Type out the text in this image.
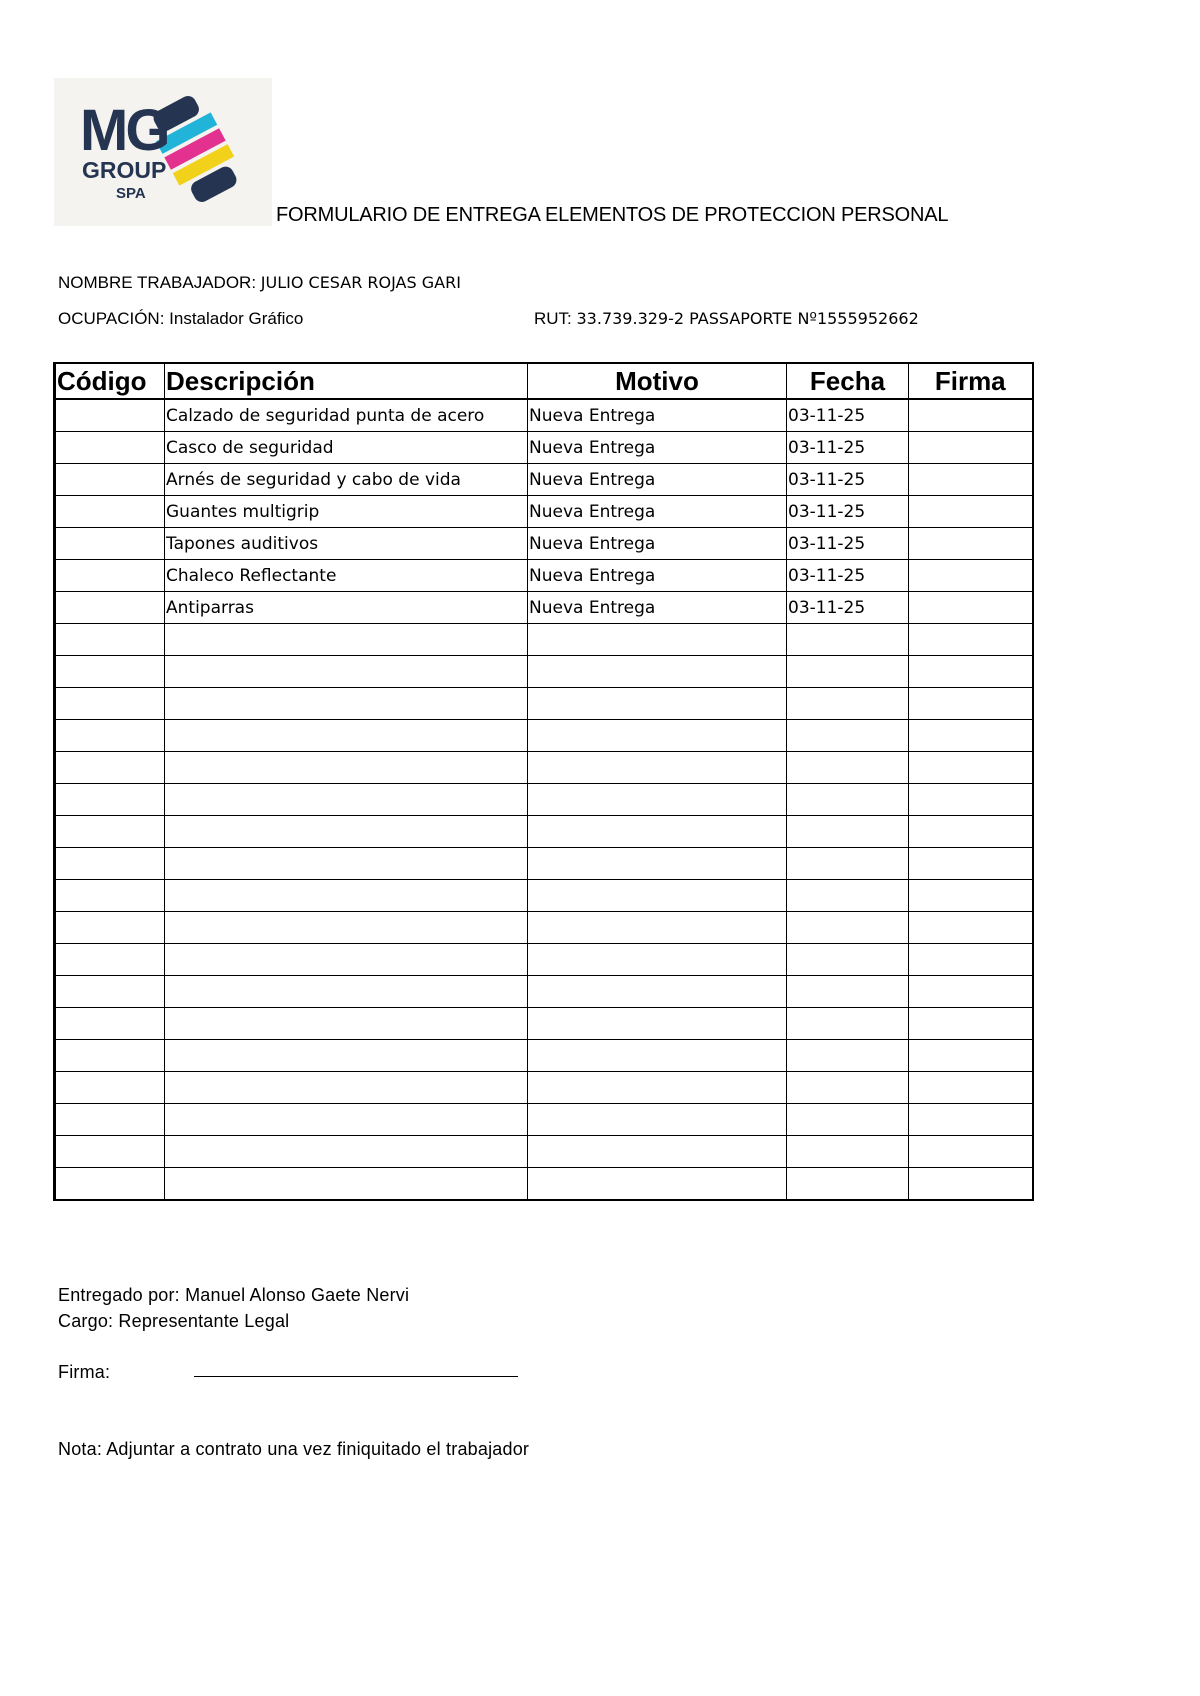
MG
GROUP
SPA
FORMULARIO DE ENTREGA ELEMENTOS DE PROTECCION PERSONAL
NOMBRE TRABAJADOR: JULIO CESAR ROJAS GARI
OCUPACIÓN: Instalador Gráfico	RUT: 33.739.329-2 PASSAPORTE Nº1555952662
Código	Descripción	Motivo	Fecha	Firma
	Calzado de seguridad punta de acero	Nueva Entrega	03-11-25	
	Casco de seguridad	Nueva Entrega	03-11-25	
	Arnés de seguridad y cabo de vida	Nueva Entrega	03-11-25	
	Guantes multigrip	Nueva Entrega	03-11-25	
	Tapones auditivos	Nueva Entrega	03-11-25	
	Chaleco Reflectante	Nueva Entrega	03-11-25	
	Antiparras	Nueva Entrega	03-11-25	

Entregado por: Manuel Alonso Gaete Nervi
Cargo: Representante Legal
Firma:
Nota: Adjuntar a contrato una vez finiquitado el trabajador
